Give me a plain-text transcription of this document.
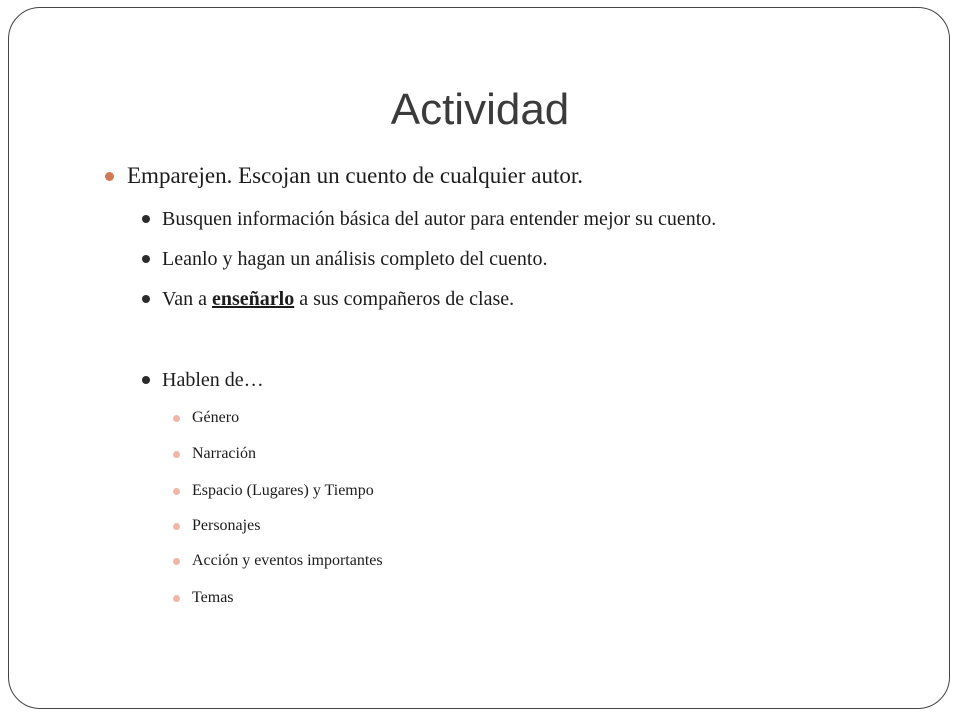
Actividad
Emparejen. Escojan un cuento de cualquier autor.
Busquen información básica del autor para entender mejor su cuento.
Leanlo y hagan un análisis completo del cuento.
Van a enseñarlo a sus compañeros de clase.
Hablen de…
Género
Narración
Espacio (Lugares) y Tiempo
Personajes
Acción y eventos importantes
Temas
